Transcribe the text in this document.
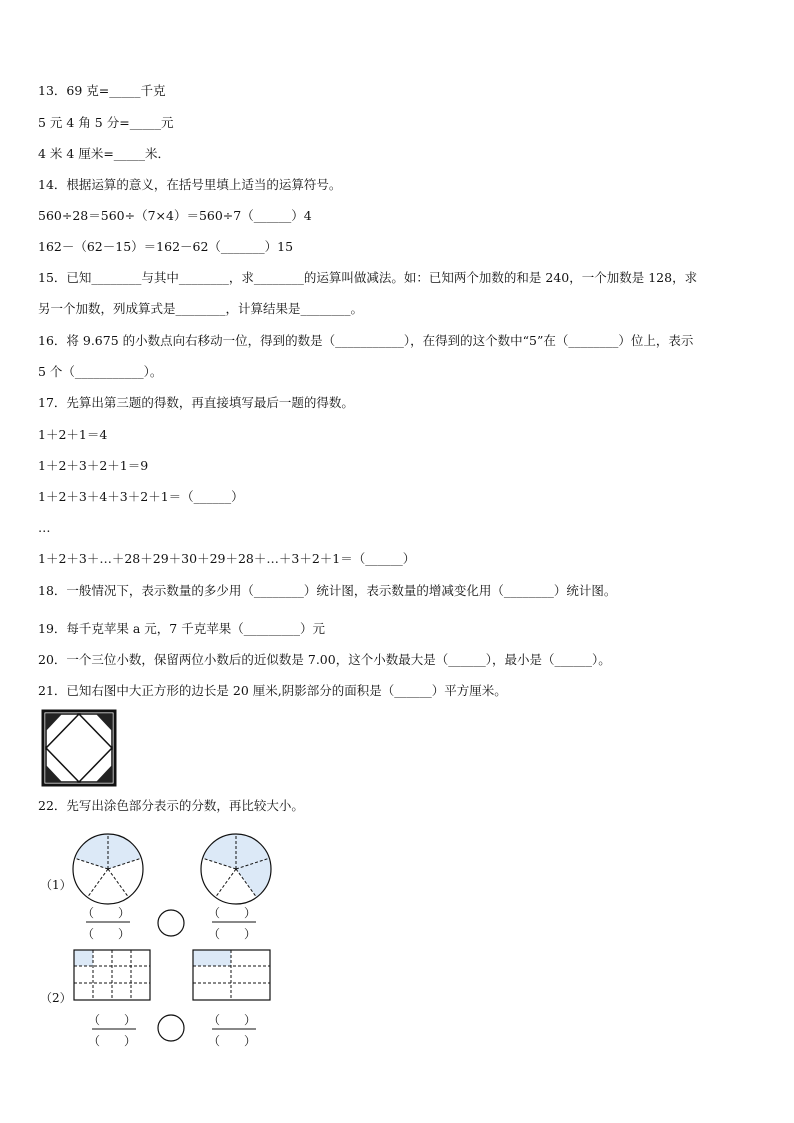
13．69 克=_____千克
5 元 4 角 5 分=_____元
4 米 4 厘米=_____米．
14．根据运算的意义，在括号里填上适当的运算符号。
560÷28＝560÷（7×4）＝560÷7（______）4
162－（62－15）＝162－62（_______）15
15．已知________与其中________，求________的运算叫做减法。如：已知两个加数的和是 240，一个加数是 128，求
另一个加数，列成算式是________，计算结果是________。
16．将 9.675 的小数点向右移动一位，得到的数是（___________），在得到的这个数中“5”在（________）位上，表示
5 个（___________）。
17．先算出第三题的得数，再直接填写最后一题的得数。
1＋2＋1＝4
1＋2＋3＋2＋1＝9
1＋2＋3＋4＋3＋2＋1＝（______）
…
1＋2＋3＋…＋28＋29＋30＋29＋28＋…＋3＋2＋1＝（______）
18．一般情况下，表示数量的多少用（________）统计图，表示数量的增减变化用（________）统计图。
19．每千克苹果 a 元，7 千克苹果（_________）元
20．一个三位小数，保留两位小数后的近似数是 7.00，这个小数最大是（______），最小是（______）。
21．已知右图中大正方形的边长是 20 厘米,阴影部分的面积是（______）平方厘米。
22．先写出涂色部分表示的分数，再比较大小。
（1）
（2）
（　　）
（　　）
（　　）
（　　）
（　　）
（　　）
（　　）
（　　）
